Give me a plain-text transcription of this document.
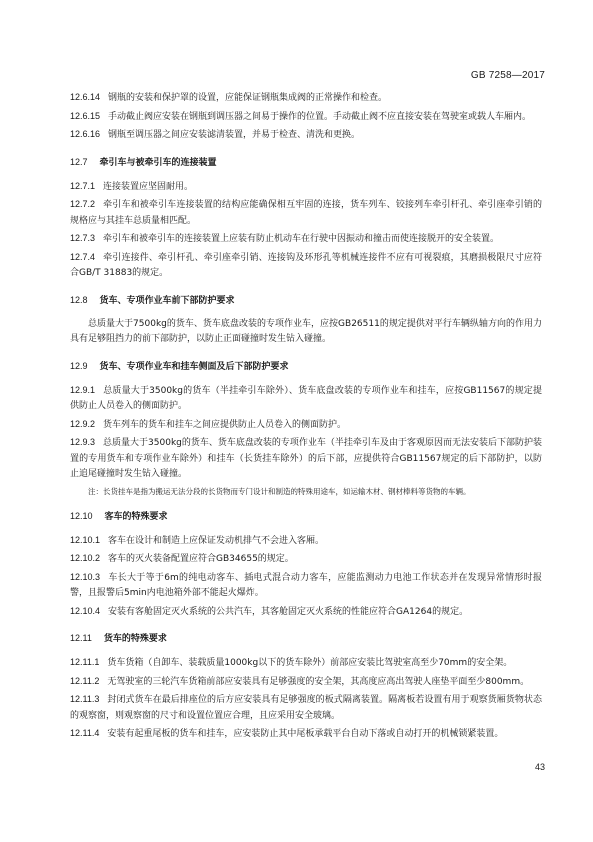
GB 7258—2017
12.6.14 钢瓶的安装和保护罩的设置，应能保证钢瓶集成阀的正常操作和检查。
12.6.15 手动截止阀应安装在钢瓶到调压器之间易于操作的位置。手动截止阀不应直接安装在驾驶室或载人车厢内。
12.6.16 钢瓶至调压器之间应安装滤清装置，并易于检查、清洗和更换。
12.7 牵引车与被牵引车的连接装置
12.7.1 连接装置应坚固耐用。
12.7.2 牵引车和被牵引车连接装置的结构应能确保相互牢固的连接，货车列车、铰接列车牵引杆孔、牵引座牵引销的规格应与其挂车总质量相匹配。
12.7.3 牵引车和被牵引车的连接装置上应装有防止机动车在行驶中因振动和撞击而使连接脱开的安全装置。
12.7.4 牵引连接件、牵引杆孔、牵引座牵引销、连接钩及环形孔等机械连接件不应有可视裂痕，其磨损极限尺寸应符合GB/T 31883的规定。
12.8 货车、专项作业车前下部防护要求
总质量大于7500kg的货车、货车底盘改装的专项作业车，应按GB26511的规定提供对平行车辆纵轴方向的作用力具有足够阻挡力的前下部防护，以防止正面碰撞时发生钻入碰撞。
12.9 货车、专项作业车和挂车侧面及后下部防护要求
12.9.1 总质量大于3500kg的货车（半挂牵引车除外）、货车底盘改装的专项作业车和挂车，应按GB11567的规定提供防止人员卷入的侧面防护。
12.9.2 货车列车的货车和挂车之间应提供防止人员卷入的侧面防护。
12.9.3 总质量大于3500kg的货车、货车底盘改装的专项作业车（半挂牵引车及由于客观原因而无法安装后下部防护装置的专用货车和专项作业车除外）和挂车（长货挂车除外）的后下部，应提供符合GB11567规定的后下部防护，以防止追尾碰撞时发生钻入碰撞。
注：长货挂车是指为搬运无法分段的长货物而专门设计和制造的特殊用途车，如运输木材、钢材棒料等货物的车辆。
12.10 客车的特殊要求
12.10.1 客车在设计和制造上应保证发动机排气不会进入客厢。
12.10.2 客车的灭火装备配置应符合GB34655的规定。
12.10.3 车长大于等于6m的纯电动客车、插电式混合动力客车，应能监测动力电池工作状态并在发现异常情形时报警，且报警后5min内电池箱外部不能起火爆炸。
12.10.4 安装有客舱固定灭火系统的公共汽车，其客舱固定灭火系统的性能应符合GA1264的规定。
12.11 货车的特殊要求
12.11.1 货车货箱（自卸车、装载质量1000kg以下的货车除外）前部应安装比驾驶室高至少70mm的安全架。
12.11.2 无驾驶室的三轮汽车货箱前部应安装具有足够强度的安全架，其高度应高出驾驶人座垫平面至少800mm。
12.11.3 封闭式货车在最后排座位的后方应安装具有足够强度的板式隔离装置。隔离板若设置有用于观察货厢货物状态的观察窗，则观察窗的尺寸和设置位置应合理，且应采用安全玻璃。
12.11.4 安装有起重尾板的货车和挂车，应安装防止其中尾板承载平台自动下落或自动打开的机械锁紧装置。
43
